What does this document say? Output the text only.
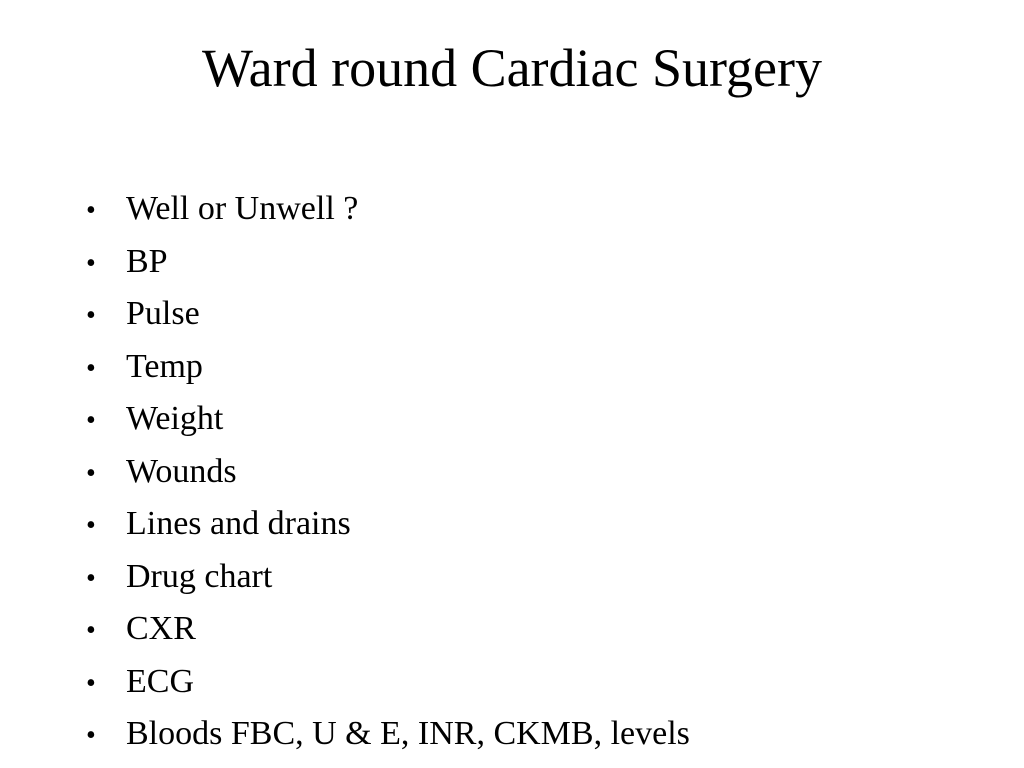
Ward round Cardiac Surgery
• Well or Unwell ?
• BP
• Pulse
• Temp
• Weight
• Wounds
• Lines and drains
• Drug chart
• CXR
• ECG
• Bloods FBC, U & E, INR, CKMB, levels
